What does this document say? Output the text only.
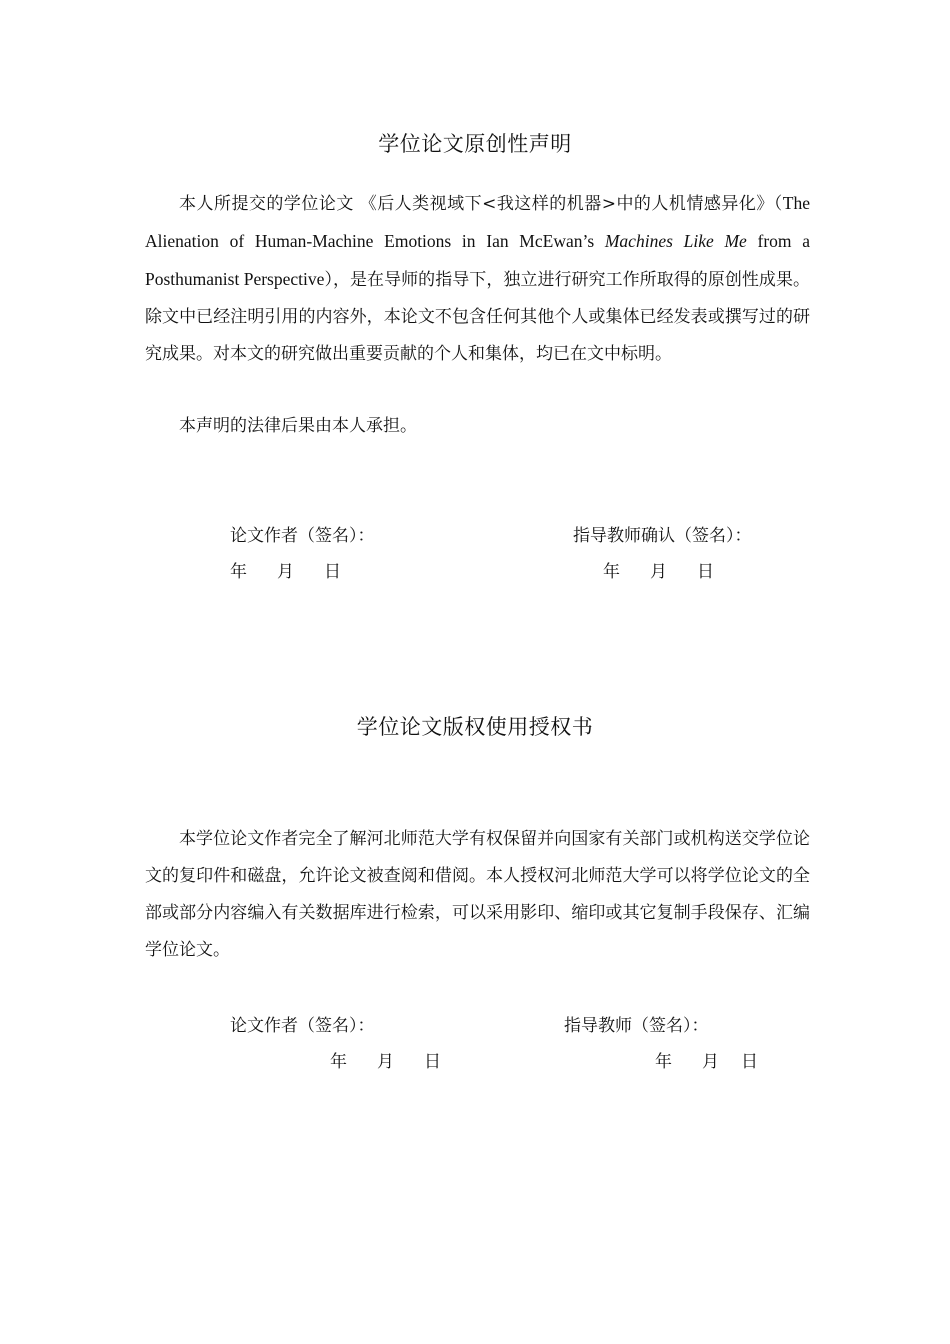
学位论文原创性声明

本人所提交的学位论文 《后人类视域下<我这样的机器>中的人机情感异化》（The Alienation of Human-Machine Emotions in Ian McEwan’s Machines Like Me from a Posthumanist Perspective），是在导师的指导下，独立进行研究工作所取得的原创性成果。除文中已经注明引用的内容外，本论文不包含任何其他个人或集体已经发表或撰写过的研究成果。对本文的研究做出重要贡献的个人和集体，均已在文中标明。

本声明的法律后果由本人承担。

论文作者（签名）：	指导教师确认（签名）：
年 月 日	年 月 日
学位论文版权使用授权书

本学位论文作者完全了解河北师范大学有权保留并向国家有关部门或机构送交学位论文的复印件和磁盘，允许论文被查阅和借阅。本人授权河北师范大学可以将学位论文的全部或部分内容编入有关数据库进行检索，可以采用影印、缩印或其它复制手段保存、汇编学位论文。

论文作者（签名）：	指导教师（签名）：
年 月 日	年 月 日
